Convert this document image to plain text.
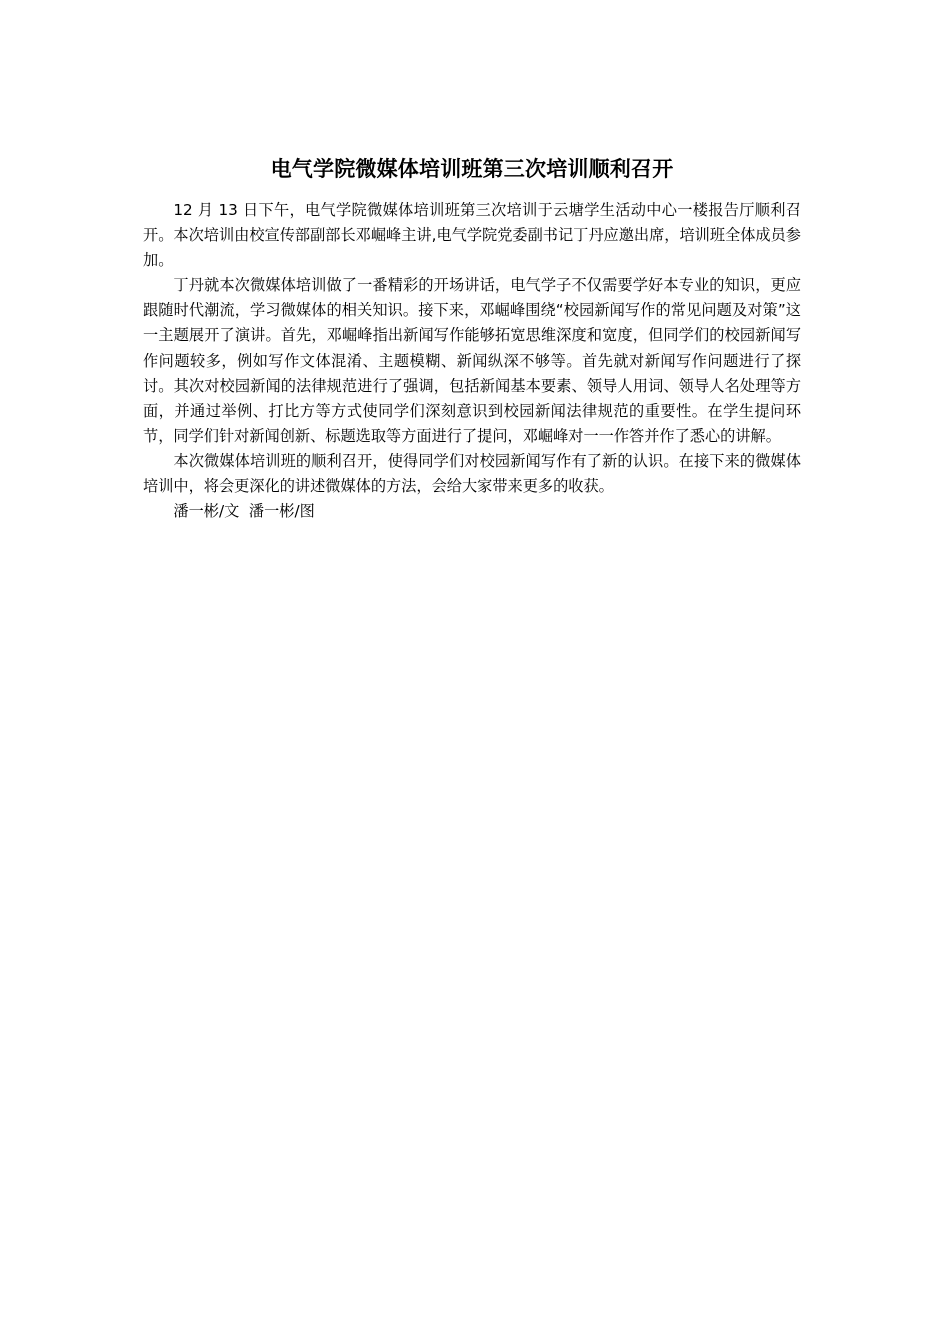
电气学院微媒体培训班第三次培训顺利召开

12 月 13 日下午，电气学院微媒体培训班第三次培训于云塘学生活动中心一楼报告厅顺利召开。本次培训由校宣传部副部长邓崛峰主讲,电气学院党委副书记丁丹应邀出席，培训班全体成员参加。

丁丹就本次微媒体培训做了一番精彩的开场讲话，电气学子不仅需要学好本专业的知识，更应跟随时代潮流，学习微媒体的相关知识。接下来，邓崛峰围绕“校园新闻写作的常见问题及对策”这一主题展开了演讲。首先，邓崛峰指出新闻写作能够拓宽思维深度和宽度，但同学们的校园新闻写作问题较多，例如写作文体混淆、主题模糊、新闻纵深不够等。首先就对新闻写作问题进行了探讨。其次对校园新闻的法律规范进行了强调，包括新闻基本要素、领导人用词、领导人名处理等方面，并通过举例、打比方等方式使同学们深刻意识到校园新闻法律规范的重要性。在学生提问环节，同学们针对新闻创新、标题选取等方面进行了提问，邓崛峰对一一作答并作了悉心的讲解。

本次微媒体培训班的顺利召开，使得同学们对校园新闻写作有了新的认识。在接下来的微媒体培训中，将会更深化的讲述微媒体的方法，会给大家带来更多的收获。

潘一彬/文  潘一彬/图
